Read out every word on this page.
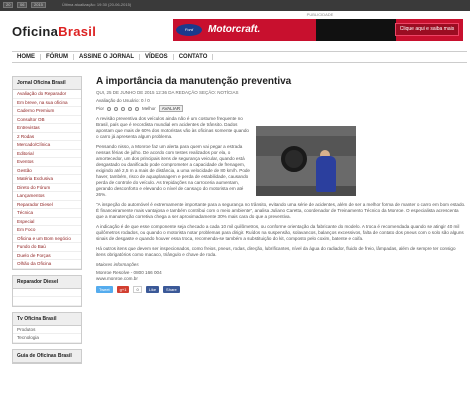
20	06	2015	Última atualização: 19:30 (20-06-2015)
PUBLICIDADE
OficinaBrasil	Ford	Motorcraft.	Clique aqui e saiba mais
HOME	FÓRUM	ASSINE O JORNAL	VÍDEOS	CONTATO
Jornal Oficina Brasil
Avaliação do Reparador
Em breve, na sua oficina
Caderno Premium
Consultor OB
Entrevistas
2 Rodas
Mercado/Clínica
Editorial
Eventos
Gestão
Matéria Exclusiva
Direto do Fórum
Lançamentos
Reparador Diesel
Técnica
Especial
Em Foco
Oficina e um Bom negócio
Fundo do Baú
Duelo de Forças
Olhão da Oficina
Reparador Diesel
Tv Oficina Brasil
Produtos
Tecnologia
Guia de Oficinas Brasil
A importância da manutenção preventiva
QUI, 25 DE JUNHO DE 2015 12:36 DA REDAÇÃO SEÇÃO: NOTÍCIAS
Avaliação do Usuário: 0 / 0
Pior	Melhor	AVALIAR

A revisão preventiva dos veículos ainda não é um costume frequente no Brasil, país que é recordista mundial em acidentes de trânsito. Dados apontam que mais de 60% dos motoristas vão às oficinas somente quando o carro já apresenta algum problema.

Pensando nisso, a Monroe faz um alerta para quem vai pegar a estrada nessas férias de julho. De acordo com testes realizados por ela, o amortecedor, um dos principais itens de segurança veicular, quando está desgastado ou danificado pode comprometer a capacidade de frenagem, exigindo até 2,5 m a mais de distância, a uma velocidade de 80 km/h. Pode haver, também, risco de aquaplanagem e perda de estabilidade, causando perda de controle do veículo. As trepidações na carroceria aumentam, gerando desconforto e elevando o nível de cansaço do motorista em até 26%.

"A inspeção do automóvel é extremamente importante para a segurança no trânsito, evitando uma série de acidentes, além de ser a melhor forma de manter o carro em bom estado. É financeiramente mais vantajosa e também contribui com o meio ambiente", analisa Juliano Caretta, coordenador de Treinamento Técnico da Monroe. O especialista acrescenta que a manutenção corretiva chega a ser aproximadamente 30% mais cara do que a preventiva.

A indicação é de que esse componente seja checado a cada 10 mil quilômetros, ou conforme orientação da fabricante do modelo. A troca é recomendada quando se atingir 40 mil quilômetros rodados, ou quando o motorista notar problemas para dirigir. Ruídos na suspensão, solavancos, balanços excessivos, falta de contato dos pneus com o solo são alguns sinais de desgaste e quando houver essa troca, recomenda-se também a substituição do kit, composto pelo coxim, batente e coifa.

Há outros itens que devem ser inspecionados, como freios, pneus, rodas, direção, lubrificantes, nível da água do radiador, fluido de freio, lâmpadas, além de sempre ter consigo itens obrigatórios como macaco, triângulo e chave de roda.

Maiores informações

Monroe Resolve - 0800 166 004

www.monroe.com.br

Tweet	g+1	0	Like	Share
